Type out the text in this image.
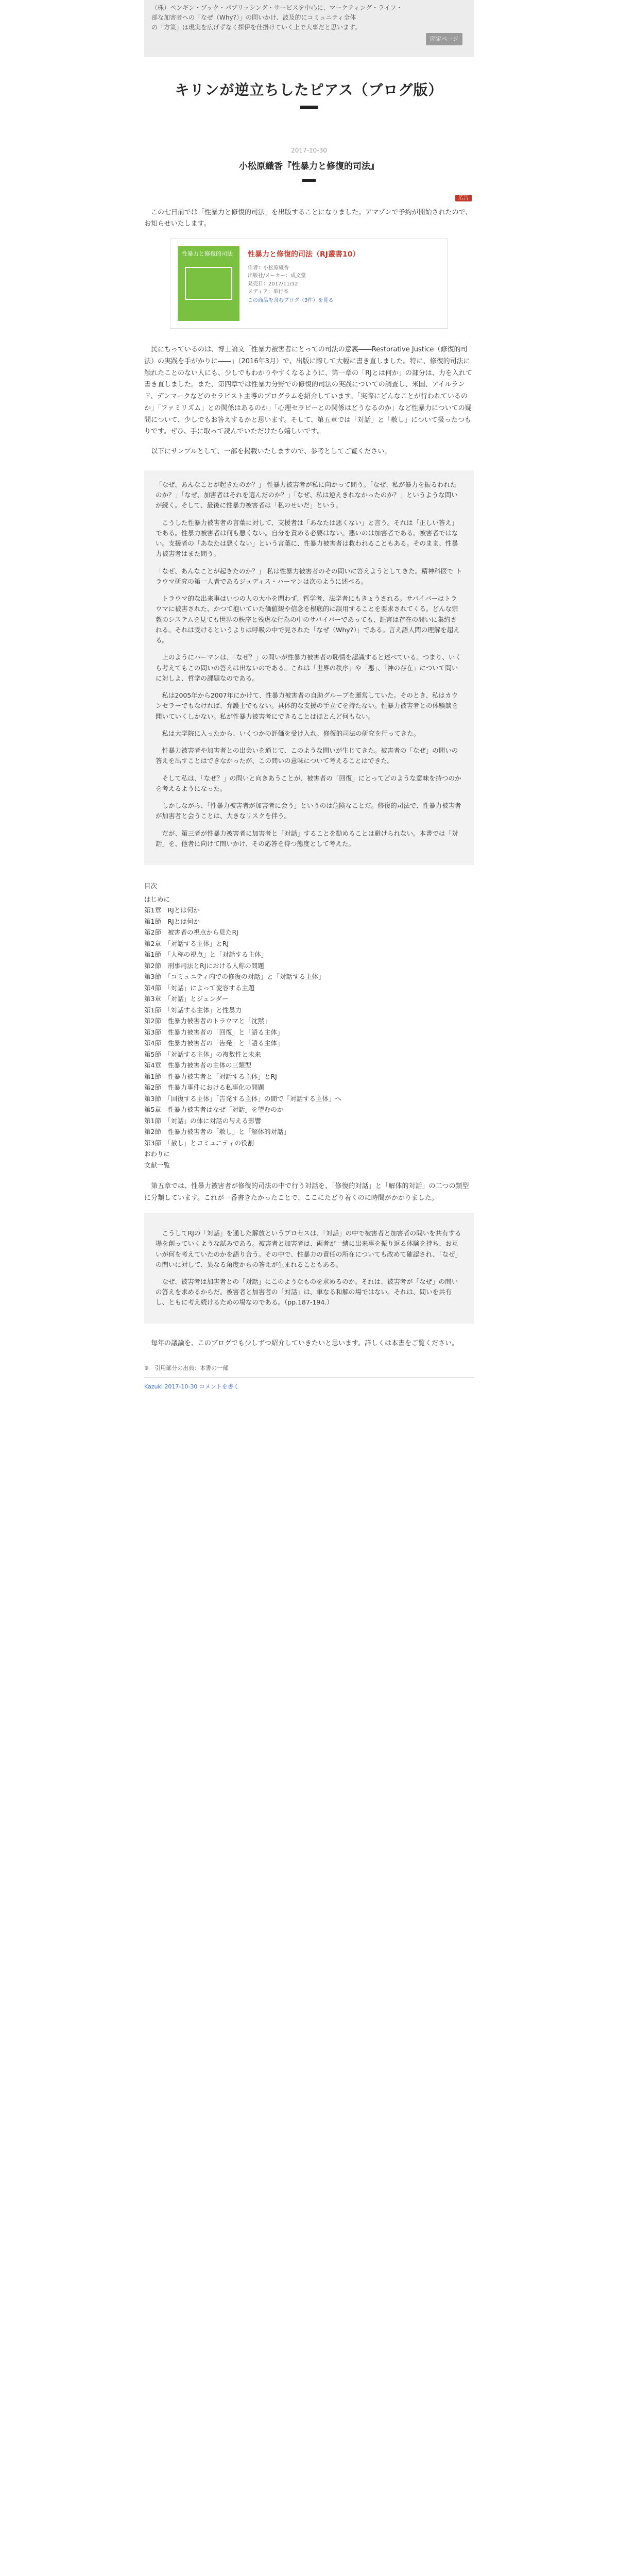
（株）ペンギン・ブック・パブリッシング・サービスを中心に、マーケティング・ライフ・
部な加害者への「なぜ（Why?）」の問いかけ、波及的にコミュニティ全体
の「方策」は現実を広げずなく探伊を仕掛けていく上で大事だと思います。
固定ページ
キリンが逆立ちしたピアス（ブログ版）
2017-10-30
小松原織香『性暴力と修復的司法』
広告

　この七日前では「性暴力と修復的司法」を出版することになりました。アマゾンで予約が開始されたので、お知らせいたします。

性暴力と修復的司法	性暴力と修復的司法（RJ叢書10）
作者：小松原織香
出版社/メーカー：成文堂
発売日：2017/11/12
メディア：単行本
この商品を含むブログ（3件）を見る

　民にちっているのは、博士論文「性暴力被害者にとっての司法の意義――Restorative Justice（修復的司法）の実践を手がかりに――」（2016年3月）で、出版に際して大幅に書き直しました。特に、修復的司法に触れたことのない人にも、少しでもわかりやすくなるように、第一章の「RJとは何か」の部分は、力を入れて書き直しました。また、第四章では性暴力分野での修復的司法の実践についての調査し、米国、アイルランド、デンマークなどのセラピスト主導のプログラムを紹介しています。「実際にどんなことが行われているのか」「ファミリズム」との関係はあるのか」「心理セラピーとの関係はどうなるのか」など性暴力についての疑問について、少しでもお答えするかと思います。そして、第五章では「対話」と「赦し」について扱ったつもりです。ぜひ、手に取って読んでいただけたら嬉しいです。

　以下にサンプルとして、一部を掲載いたしますので、参考としてご覧ください。

「なぜ、あんなことが起きたのか？」 性暴力被害者が私に向かって問う。「なぜ、私が暴力を振るわれたのか？」「なぜ、加害者はそれを選んだのか？」「なぜ、私は逆えきれなかったのか？」というような問いが続く。そして、最後に性暴力被害者は「私のせいだ」という。

　こうした性暴力被害者の言葉に対して、支援者は「あなたは悪くない」と言う。それは「正しい答え」である。性暴力被害者は何も悪くない。自分を責める必要はない。悪いのは加害者である。被害者ではない。支援者の「あなたは悪くない」という言葉に、性暴力被害者は救われることもある。そのまま、性暴力被害者はまた問う。

「なぜ、あんなことが起きたのか？」 私は性暴力被害者のその問いに答えようとしてきた。精神科医で トラウマ研究の第一人者であるジュディス・ハーマンは次のように述べる。

　トラウマ的な出来事はいつの人の大小を問わず、哲学者、法学者にもきょうされる。サバイバーはトラウマに被害された、かつて抱いていた価値観や信念を根底的に誤用することを要求されてくる。どんな宗教のシステムを見ても世界の秩序と残虐な行為の中のサバイバーであっても、証言は存在の問いに集約される。それは受けるというよりは呼吸の中で見された「なぜ（Why?）」である。言え語人間の理解を超える。

　上のようにハーマンは、「なぜ？」の問いが性暴力被害者の恥情を認識すると述べている。つまり、いくら考えてもこの問いの答えは出ないのである。これは「世界の秩序」や「悪」、「神の存在」について問いに対しよ、哲学の課題なのである。

　私は2005年から2007年にかけて、性暴力被害者の自助グループを運営していた。そのとき、私はカウンセラーでもなければ、弁護士でもない。具体的な支援の手立てを持たない。性暴力被害者との体験談を聞いていくしかない。私が性暴力被害者にできることはほとんど何もない。

　私は大学院に入ったから、いくつかの評価を受け入れ、修復的司法の研究を行ってきた。

　性暴力被害者や加害者との出会いを通じて、このような問いが生じてきた。被害者の「なぜ」の問いの答えを出すことはできなかったが、この問いの意味について考えることはできた。

　そして私は、「なぜ？」の問いと向きあうことが、被害者の「回復」にとってどのような意味を持つのかを考えるようになった。

　しかしながら、「性暴力被害者が加害者に会う」というのは危険なことだ。修復的司法で、性暴力被害者が加害者と会うことは、大きなリスクを伴う。

　だが、第三者が性暴力被害者に加害者と「対話」することを勧めることは避けられない。本書では「対話」を、他者に向けて問いかけ、その応答を待つ態度として考えた。

目次
はじめに
第1章　RJとは何か
第1節　RJとは何か
第2節　被害者の視点から見たRJ
第2章　「対話する主体」とRJ
第1節　「人称の視点」と「対話する主体」
第2節　刑事司法とRJにおける人称の問題
第3節　「コミュニティ内での修復の対話」と「対話する主体」
第4節　「対話」によって変容する主題
第3章　「対話」とジェンダー
第1節　「対話する主体」と性暴力
第2節　性暴力被害者のトラウマと「沈黙」
第3節　性暴力被害者の「回復」と「語る主体」
第4節　性暴力被害者の「告発」と「語る主体」
第5節　「対話する主体」の複数性と未来
第4章　性暴力被害者の主体の三類型
第1節　性暴力被害者と「対話する主体」とRJ
第2節　性暴力事件における私事化の問題
第3節　「回復する主体」「告発する主体」の間で「対話する主体」へ
第5章　性暴力被害者はなぜ「対話」を望むのか
第1節　「対話」の体に対話の与える影響
第2節　性暴力被害者の「赦し」と「解体的対話」
第3節　「赦し」とコミュニティの役割
おわりに
文献一覧

　第五章では、性暴力被害者が修復的司法の中で行う対話を、「修復的対話」と「解体的対話」の二つの類型に分類しています。これが一番書きたかったことで、ここにたどり着くのに時間がかかりました。

　こうしてRJの「対話」を通した解放というプロセスは、「対話」の中で被害者と加害者の問いを共有する場を創っていくような試みである。被害者と加害者は、両者が一緒に出来事を振り返る体験を持ち、お互いが何を考えていたのかを語り合う。その中で、性暴力の責任の所在についても改めて確認され、「なぜ」の問いに対して、異なる角度からの答えが生まれることもある。

　なぜ、被害者は加害者との「対話」にこのようなものを求めるのか。それは、被害者が「なぜ」の問いの答えを求めるからだ。被害者と加害者の「対話」は、単なる和解の場ではない。それは、問いを共有し、ともに考え続けるための場なのである。（pp.187-194.）

　毎年の議論を、このブログでも少しずつ紹介していきたいと思います。詳しくは本書をご覧ください。

※　引用部分の出典：本書の一部
Kazuki 2017-10-30 コメントを書く
